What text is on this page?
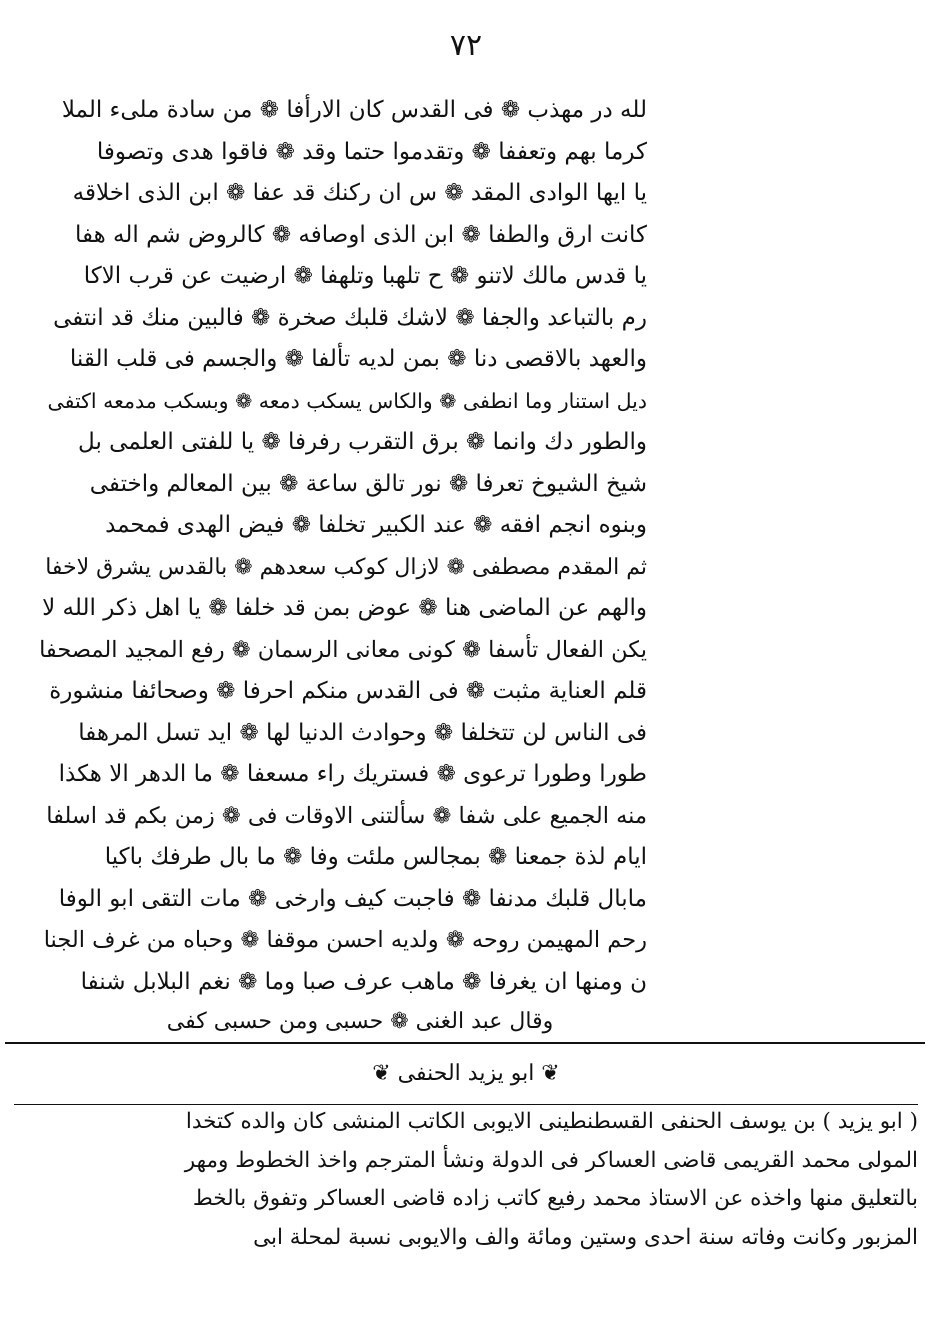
٧٢
لله در مهذب ❁ فى القدس كان الارأفا ❁ من سادة ملىء الملا
كرما بهم وتعففا ❁ وتقدموا حتما وقد ❁ فاقوا هدى وتصوفا
يا ايها الوادى المقد ❁ س ان ركنك قد عفا ❁ ابن الذى اخلاقه
كانت ارق والطفا ❁ ابن الذى اوصافه ❁ كالروض شم اله هفا
يا قدس مالك لاتنو ❁ ح تلهبا وتلهفا ❁ ارضيت عن قرب الاكا
رم بالتباعد والجفا ❁ لاشك قلبك صخرة ❁ فالبين منك قد انتفى
والعهد بالاقصى دنا ❁ بمن لديه تألفا ❁ والجسم فى قلب القنا
ديل استنار وما انطفى ❁ والكاس يسكب دمعه ❁ وبسكب مدمعه اكتفى
والطور دك وانما ❁ برق التقرب رفرفا ❁ يا للفتى العلمى بل
شيخ الشيوخ تعرفا ❁ نور تالق ساعة ❁ بين المعالم واختفى
وبنوه انجم افقه ❁ عند الكبير تخلفا ❁ فيض الهدى فمحمد
ثم المقدم مصطفى ❁ لازال كوكب سعدهم ❁ بالقدس يشرق لاخفا
والهم عن الماضى هنا ❁ عوض بمن قد خلفا ❁ يا اهل ذكر الله لا
يكن الفعال تأسفا ❁ كونى معانى الرسمان ❁ رفع المجيد المصحفا
قلم العناية مثبت ❁ فى القدس منكم احرفا ❁ وصحائفا منشورة
فى الناس لن تتخلفا ❁ وحوادث الدنيا لها ❁ ايد تسل المرهفا
طورا وطورا ترعوى ❁ فستريك راء مسعفا ❁ ما الدهر الا هكذا
منه الجميع على شفا ❁ سألتنى الاوقات فى ❁ زمن بكم قد اسلفا
ايام لذة جمعنا ❁ بمجالس ملئت وفا ❁ ما بال طرفك باكيا
مابال قلبك مدنفا ❁ فاجبت كيف وارخى ❁ مات التقى ابو الوفا
رحم المهيمن روحه ❁ ولديه احسن موقفا ❁ وحباه من غرف الجنا
ن ومنها ان يغرفا ❁ ماهب عرف صبا وما ❁ نغم البلابل شنفا
وقال عبد الغنى ❁ حسبى ومن حسبى كفى
❦ ابو يزيد الحنفى ❦
( ابو يزيد ) بن يوسف الحنفى القسطنطينى الايوبى الكاتب المنشى كان والده كتخدا
المولى محمد القريمى قاضى العساكر فى الدولة ونشأ المترجم واخذ الخطوط ومهر
بالتعليق منها واخذه عن الاستاذ محمد رفيع كاتب زاده قاضى العساكر وتفوق بالخط
المزبور وكانت وفاته سنة احدى وستين ومائة والف والايوبى نسبة لمحلة ابى
